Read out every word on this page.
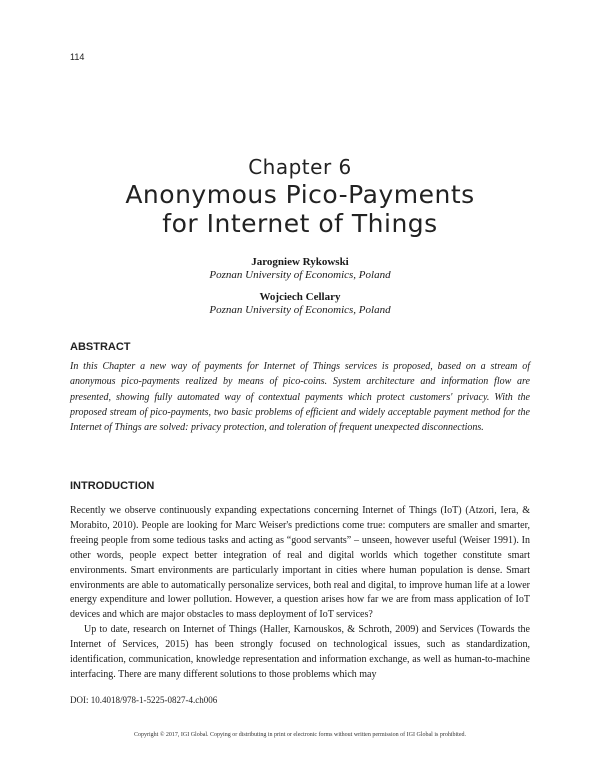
114
Chapter 6
Anonymous Pico-Payments
for Internet of Things
Jarogniew Rykowski
Poznan University of Economics, Poland
Wojciech Cellary
Poznan University of Economics, Poland
ABSTRACT

In this Chapter a new way of payments for Internet of Things services is proposed, based on a stream of anonymous pico-payments realized by means of pico-coins. System architecture and information flow are presented, showing fully automated way of contextual payments which protect customers' privacy. With the proposed stream of pico-payments, two basic problems of efficient and widely acceptable payment method for the Internet of Things are solved: privacy protection, and toleration of frequent unexpected disconnections.

INTRODUCTION

Recently we observe continuously expanding expectations concerning Internet of Things (IoT) (Atzori, Iera, & Morabito, 2010). People are looking for Marc Weiser's predictions come true: computers are smaller and smarter, freeing people from some tedious tasks and acting as “good servants” – unseen, however useful (Weiser 1991). In other words, people expect better integration of real and digital worlds which together constitute smart environments. Smart environments are particularly important in cities where human population is dense. Smart environments are able to automatically personalize services, both real and digital, to improve human life at a lower energy expenditure and lower pollution. However, a question arises how far we are from mass application of IoT devices and which are major obstacles to mass deployment of IoT services?

Up to date, research on Internet of Things (Haller, Karnouskos, & Schroth, 2009) and Services (Towards the Internet of Services, 2015) has been strongly focused on technological issues, such as standardization, identification, communication, knowledge representation and information exchange, as well as human-to-machine interfacing. There are many different solutions to those problems which may

DOI: 10.4018/978-1-5225-0827-4.ch006
Copyright © 2017, IGI Global. Copying or distributing in print or electronic forms without written permission of IGI Global is prohibited.
